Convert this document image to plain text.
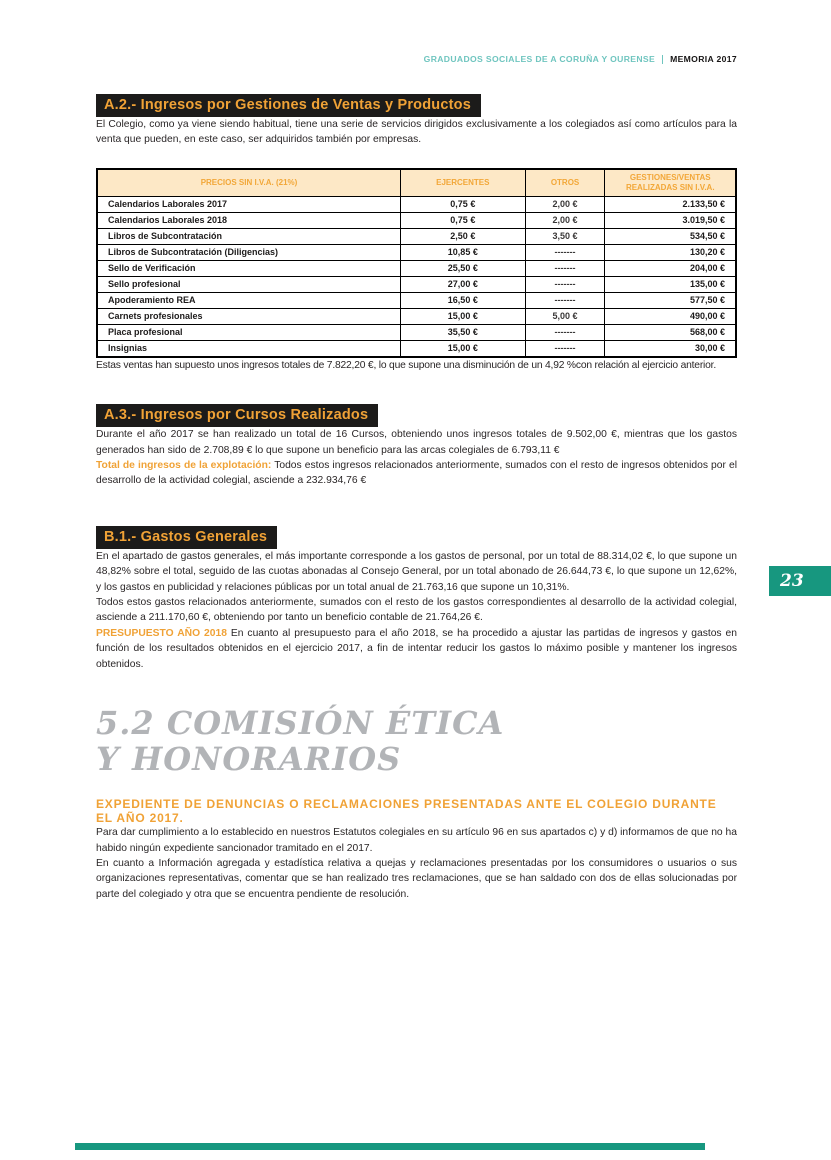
GRADUADOS SOCIALES DE A CORUÑA Y OURENSE MEMORIA 2017
A.2.- Ingresos por Gestiones de Ventas y Productos

El Colegio, como ya viene siendo habitual, tiene una serie de servicios dirigidos exclusivamente a los colegiados así como artículos para la venta que pueden, en este caso, ser adquiridos también por empresas.

PRECIOS SIN I.V.A. (21%)	EJERCENTES	OTROS	GESTIONES/VENTAS REALIZADAS SIN I.V.A.
Calendarios Laborales 2017	0,75 €	2,00 €	2.133,50 €
Calendarios Laborales 2018	0,75 €	2,00 €	3.019,50 €
Libros de Subcontratación	2,50 €	3,50 €	534,50 €
Libros de Subcontratación (Diligencias)	10,85 €	-------	130,20 €
Sello de Verificación	25,50 €	-------	204,00 €
Sello profesional	27,00 €	-------	135,00 €
Apoderamiento REA	16,50 €	-------	577,50 €
Carnets profesionales	15,00 €	5,00 €	490,00 €
Placa profesional	35,50 €	-------	568,00 €
Insignias	15,00 €	-------	30,00 €

Estas ventas han supuesto unos ingresos totales de 7.822,20 €, lo que supone una disminución de un 4,92 %con relación al ejercicio anterior.

A.3.- Ingresos por Cursos Realizados

Durante el año 2017 se han realizado un total de 16 Cursos, obteniendo unos ingresos totales de 9.502,00 €, mientras que los gastos generados han sido de 2.708,89 € lo que supone un beneficio para las arcas colegiales de 6.793,11 €

Total de ingresos de la explotación: Todos estos ingresos relacionados anteriormente, sumados con el resto de ingresos obtenidos por el desarrollo de la actividad colegial, asciende a 232.934,76 €

B.1.- Gastos Generales

En el apartado de gastos generales, el más importante corresponde a los gastos de personal, por un total de 88.314,02 €, lo que supone un 48,82% sobre el total, seguido de las cuotas abonadas al Consejo General, por un total abonado de 26.644,73 €, lo que supone un 12,62%, y los gastos en publicidad y relaciones públicas por un total anual de 21.763,16 que supone un 10,31%.

Todos estos gastos relacionados anteriormente, sumados con el resto de los gastos correspondientes al desarrollo de la actividad colegial, asciende a 211.170,60 €, obteniendo por tanto un beneficio contable de 21.764,26 €.

PRESUPUESTO AÑO 2018 En cuanto al presupuesto para el año 2018, se ha procedido a ajustar las partidas de ingresos y gastos en función de los resultados obtenidos en el ejercicio 2017, a fin de intentar reducir los gastos lo máximo posible y mantener los ingresos obtenidos.

5.2 COMISIÓN ÉTICA
Y HONORARIOS
EXPEDIENTE DE DENUNCIAS O RECLAMACIONES PRESENTADAS ANTE EL COLEGIO DURANTE EL AÑO 2017.

Para dar cumplimiento a lo establecido en nuestros Estatutos colegiales en su artículo 96 en sus apartados c) y d) informamos de que no ha habido ningún expediente sancionador tramitado en el 2017.

En cuanto a Información agregada y estadística relativa a quejas y reclamaciones presentadas por los consumidores o usuarios o sus organizaciones representativas, comentar que se han realizado tres reclamaciones, que se han saldado con dos de ellas solucionadas por parte del colegiado y otra que se encuentra pendiente de resolución.

23
